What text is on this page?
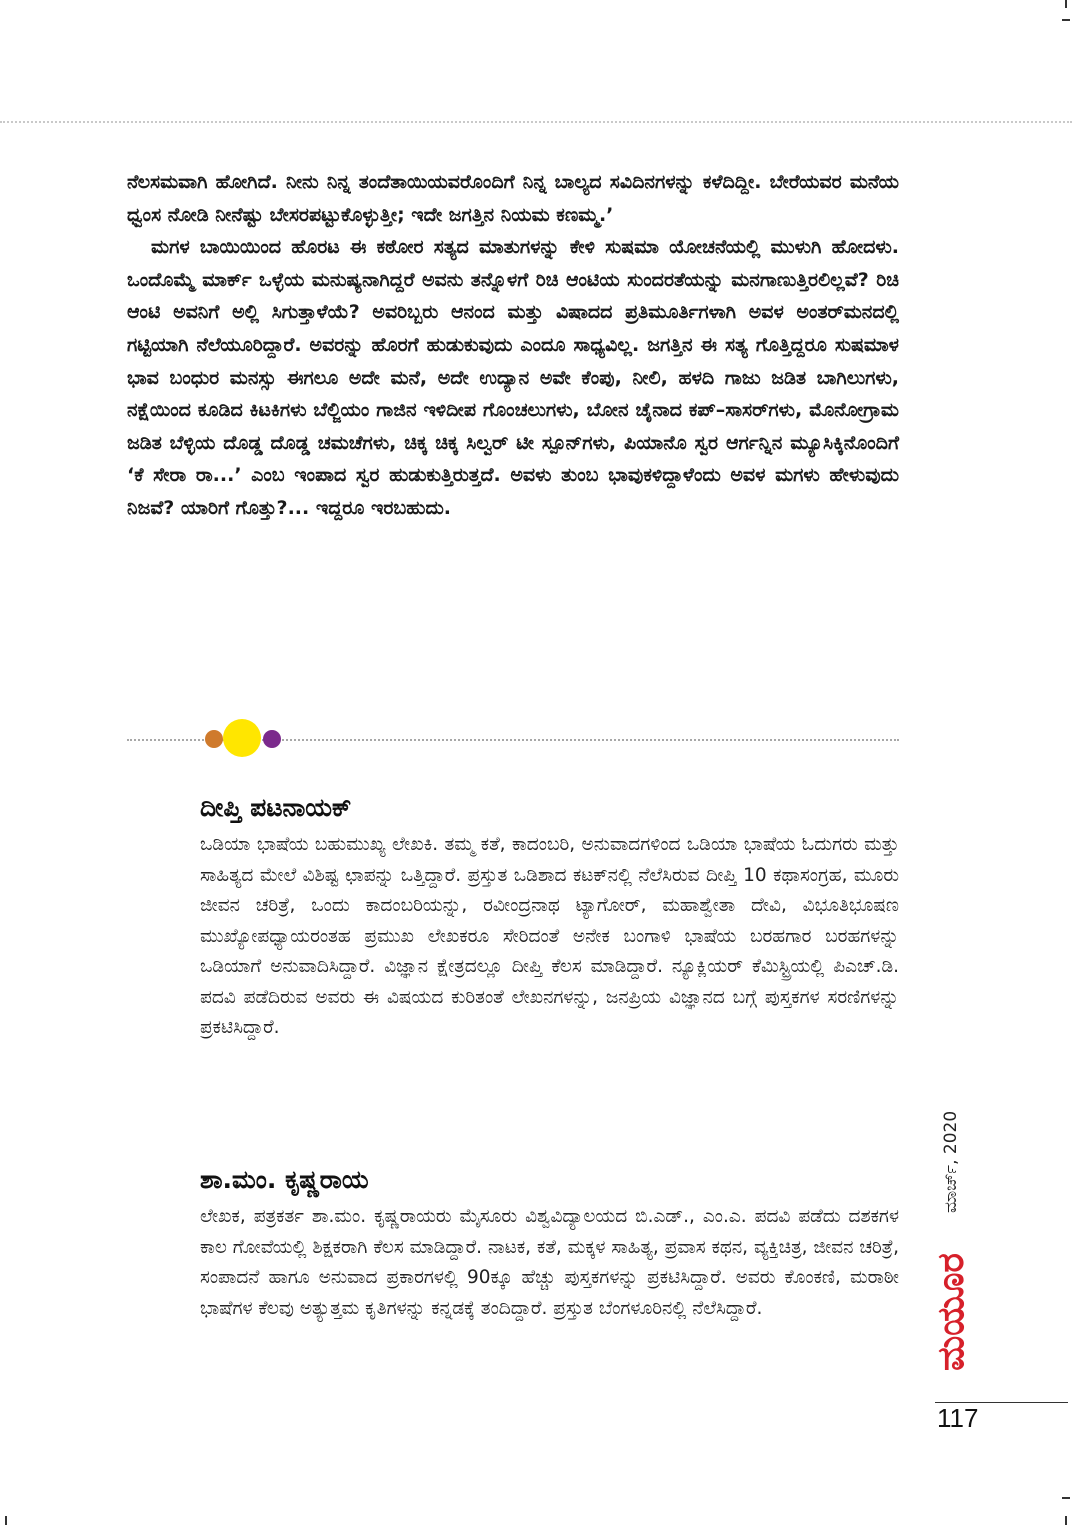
ನೆಲಸಮವಾಗಿ ಹೋಗಿದೆ. ನೀನು ನಿನ್ನ ತಂದೆತಾಯಿಯವರೊಂದಿಗೆ ನಿನ್ನ ಬಾಲ್ಯದ ಸವಿದಿನಗಳನ್ನು ಕಳೆದಿದ್ದೀ. ಬೇರೆಯವರ ಮನೆಯ ಧ್ವಂಸ ನೋಡಿ ನೀನೆಷ್ಟು ಬೇಸರಪಟ್ಟುಕೊಳ್ಳುತ್ತೀ; ಇದೇ ಜಗತ್ತಿನ ನಿಯಮ ಕಣಮ್ಮ.’

ಮಗಳ ಬಾಯಿಯಿಂದ ಹೊರಟ ಈ ಕಠೋರ ಸತ್ಯದ ಮಾತುಗಳನ್ನು ಕೇಳಿ ಸುಷಮಾ ಯೋಚನೆಯಲ್ಲಿ ಮುಳುಗಿ ಹೋದಳು. ಒಂದೊಮ್ಮೆ ಮಾರ್ಕ್ ಒಳ್ಳೆಯ ಮನುಷ್ಯನಾಗಿದ್ದರೆ ಅವನು ತನ್ನೊಳಗೆ ರಿಚಿ ಆಂಟಿಯ ಸುಂದರತೆಯನ್ನು ಮನಗಾಣುತ್ತಿರಲಿಲ್ಲವೆ? ರಿಚಿ ಆಂಟಿ ಅವನಿಗೆ ಅಲ್ಲಿ ಸಿಗುತ್ತಾಳೆಯೆ? ಅವರಿಬ್ಬರು ಆನಂದ ಮತ್ತು ವಿಷಾದದ ಪ್ರತಿಮೂರ್ತಿಗಳಾಗಿ ಅವಳ ಅಂತರ್‌ಮನದಲ್ಲಿ ಗಟ್ಟಿಯಾಗಿ ನೆಲೆಯೂರಿದ್ದಾರೆ. ಅವರನ್ನು ಹೊರಗೆ ಹುಡುಕುವುದು ಎಂದೂ ಸಾಧ್ಯವಿಲ್ಲ. ಜಗತ್ತಿನ ಈ ಸತ್ಯ ಗೊತ್ತಿದ್ದರೂ ಸುಷಮಾಳ ಭಾವ ಬಂಧುರ ಮನಸ್ಸು ಈಗಲೂ ಅದೇ ಮನೆ, ಅದೇ ಉದ್ಯಾನ ಅವೇ ಕೆಂಪು, ನೀಲಿ, ಹಳದಿ ಗಾಜು ಜಡಿತ ಬಾಗಿಲುಗಳು, ನಕ್ಷೆಯಿಂದ ಕೂಡಿದ ಕಿಟಕಿಗಳು ಬೆಲ್ಜಿಯಂ ಗಾಜಿನ ಇಳಿದೀಪ ಗೊಂಚಲುಗಳು, ಬೋನ ಚೈನಾದ ಕಪ್–ಸಾಸರ್‌ಗಳು, ಮೊನೋಗ್ರಾಮ ಜಡಿತ ಬೆಳ್ಳಿಯ ದೊಡ್ಡ ದೊಡ್ಡ ಚಮಚೆಗಳು, ಚಿಕ್ಕ ಚಿಕ್ಕ ಸಿಲ್ವರ್ ಟೀ ಸ್ಪೂನ್‌ಗಳು, ಪಿಯಾನೊ ಸ್ವರ ಆರ್ಗನ್ನಿನ ಮ್ಯೂಸಿಕ್ಕಿನೊಂದಿಗೆ ‘ಕೆ ಸೇರಾ ರಾ...’ ಎಂಬ ಇಂಪಾದ ಸ್ವರ ಹುಡುಕುತ್ತಿರುತ್ತದೆ. ಅವಳು ತುಂಬ ಭಾವುಕಳಿದ್ದಾಳೆಂದು ಅವಳ ಮಗಳು ಹೇಳುವುದು ನಿಜವೆ? ಯಾರಿಗೆ ಗೊತ್ತು?... ಇದ್ದರೂ ಇರಬಹುದು.

ದೀಪ್ತಿ ಪಟನಾಯಕ್

ಒಡಿಯಾ ಭಾಷೆಯ ಬಹುಮುಖ್ಯ ಲೇಖಕಿ. ತಮ್ಮ ಕತೆ, ಕಾದಂಬರಿ, ಅನುವಾದಗಳಿಂದ ಒಡಿಯಾ ಭಾಷೆಯ ಓದುಗರು ಮತ್ತು ಸಾಹಿತ್ಯದ ಮೇಲೆ ವಿಶಿಷ್ಟ ಛಾಪನ್ನು ಒತ್ತಿದ್ದಾರೆ. ಪ್ರಸ್ತುತ ಒಡಿಶಾದ ಕಟಕ್‌ನಲ್ಲಿ ನೆಲೆಸಿರುವ ದೀಪ್ತಿ 10 ಕಥಾಸಂಗ್ರಹ, ಮೂರು ಜೀವನ ಚರಿತ್ರೆ, ಒಂದು ಕಾದಂಬರಿಯನ್ನು, ರವೀಂದ್ರನಾಥ ಟ್ಯಾಗೋರ್, ಮಹಾಶ್ವೇತಾ ದೇವಿ, ವಿಭೂತಿಭೂಷಣ ಮುಖ್ಯೋಪಧ್ಯಾಯರಂತಹ ಪ್ರಮುಖ ಲೇಖಕರೂ ಸೇರಿದಂತೆ ಅನೇಕ ಬಂಗಾಳಿ ಭಾಷೆಯ ಬರಹಗಾರ ಬರಹಗಳನ್ನು ಒಡಿಯಾಗೆ ಅನುವಾದಿಸಿದ್ದಾರೆ. ವಿಜ್ಞಾನ ಕ್ಷೇತ್ರದಲ್ಲೂ ದೀಪ್ತಿ ಕೆಲಸ ಮಾಡಿದ್ದಾರೆ. ನ್ಯೂಕ್ಲಿಯರ್ ಕೆಮಿಸ್ಟ್ರಿಯಲ್ಲಿ ಪಿಎಚ್.ಡಿ. ಪದವಿ ಪಡೆದಿರುವ ಅವರು ಈ ವಿಷಯದ ಕುರಿತಂತೆ ಲೇಖನಗಳನ್ನು, ಜನಪ್ರಿಯ ವಿಜ್ಞಾನದ ಬಗ್ಗೆ ಪುಸ್ತಕಗಳ ಸರಣಿಗಳನ್ನು ಪ್ರಕಟಿಸಿದ್ದಾರೆ.

ಶಾ.ಮಂ. ಕೃಷ್ಣರಾಯ

ಲೇಖಕ, ಪತ್ರಕರ್ತ ಶಾ.ಮಂ. ಕೃಷ್ಣರಾಯರು ಮೈಸೂರು ವಿಶ್ವವಿದ್ಯಾಲಯದ ಬಿ.ಎಡ್., ಎಂ.ಎ. ಪದವಿ ಪಡೆದು ದಶಕಗಳ ಕಾಲ ಗೋವೆಯಲ್ಲಿ ಶಿಕ್ಷಕರಾಗಿ ಕೆಲಸ ಮಾಡಿದ್ದಾರೆ. ನಾಟಕ, ಕತೆ, ಮಕ್ಕಳ ಸಾಹಿತ್ಯ, ಪ್ರವಾಸ ಕಥನ, ವ್ಯಕ್ತಿಚಿತ್ರ, ಜೀವನ ಚರಿತ್ರೆ, ಸಂಪಾದನೆ ಹಾಗೂ ಅನುವಾದ ಪ್ರಕಾರಗಳಲ್ಲಿ 90ಕ್ಕೂ ಹೆಚ್ಚು ಪುಸ್ತಕಗಳನ್ನು ಪ್ರಕಟಿಸಿದ್ದಾರೆ. ಅವರು ಕೊಂಕಣಿ, ಮರಾಠೀ ಭಾಷೆಗಳ ಕೆಲವು ಅತ್ಯುತ್ತಮ ಕೃತಿಗಳನ್ನು ಕನ್ನಡಕ್ಕೆ ತಂದಿದ್ದಾರೆ. ಪ್ರಸ್ತುತ ಬೆಂಗಳೂರಿನಲ್ಲಿ ನೆಲೆಸಿದ್ದಾರೆ.

ಮಾರ್ಚ್, 2020
ಮಯೂರ
117
